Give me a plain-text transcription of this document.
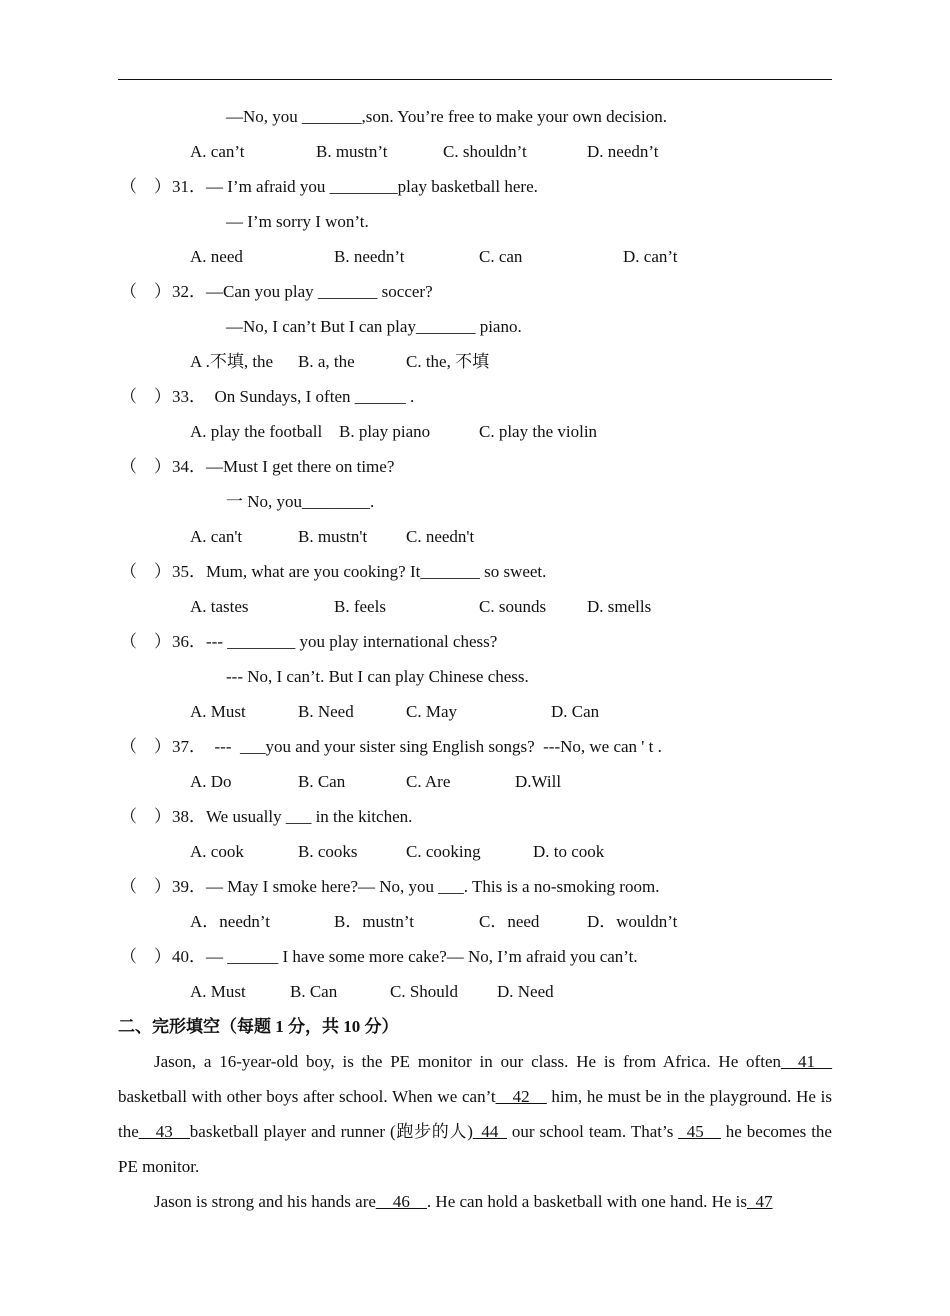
—No, you _______,son. You’re free to make your own decision.
A. can’t	B. mustn’t	C. shouldn’t	D. needn’t
（　） 31．— I’m afraid you ________play basketball here.
— I’m sorry I won’t.
A. need	B. needn’t	C. can	D. can’t
（　） 32．—Can you play _______ soccer?
—No, I can’t But I can play_______ piano.
A .不填, the B. a, the	C. the, 不填
（　） 33．  On Sundays, I often ______ .
A. play the football B. play piano	C. play the violin
（　） 34．—Must I get there on time?
一 No, you________.
A. can't	B. mustn't C. needn't
（　） 35．Mum, what are you cooking? It_______ so sweet.
A. tastes	B. feels	C. sounds D. smells
（　） 36．--- ________ you play international chess?
--- No, I can’t. But I can play Chinese chess.
A. Must	B. Need	C. May	D. Can
（　） 37．  ---  ___you and your sister sing English songs?  ---No, we can ' t .
A. Do	B. Can	C. Are	D.Will
（　） 38．We usually ___ in the kitchen.
A. cook	B. cooks	C. cooking	D. to cook
（　） 39．— May I smoke here?— No, you ___. This is a no-smoking room.
A．needn’t	B．mustn’t	C．need	D．wouldn’t
（　） 40．— ______ I have some more cake?— No, I’m afraid you can’t.
A. Must	B. Can	C. Should D. Need
二、完形填空（每题 1 分，共 10 分）

Jason, a 16-year-old boy, is the PE monitor in our class. He is from Africa. He often__41__ basketball with other boys after school. When we can’t__42__ him, he must be in the playground. He is the__43__basketball player and runner (跑步的人)_44_ our school team. That’s _45__ he becomes the PE monitor.

Jason is strong and his hands are__46__. He can hold a basketball with one hand. He is_47
